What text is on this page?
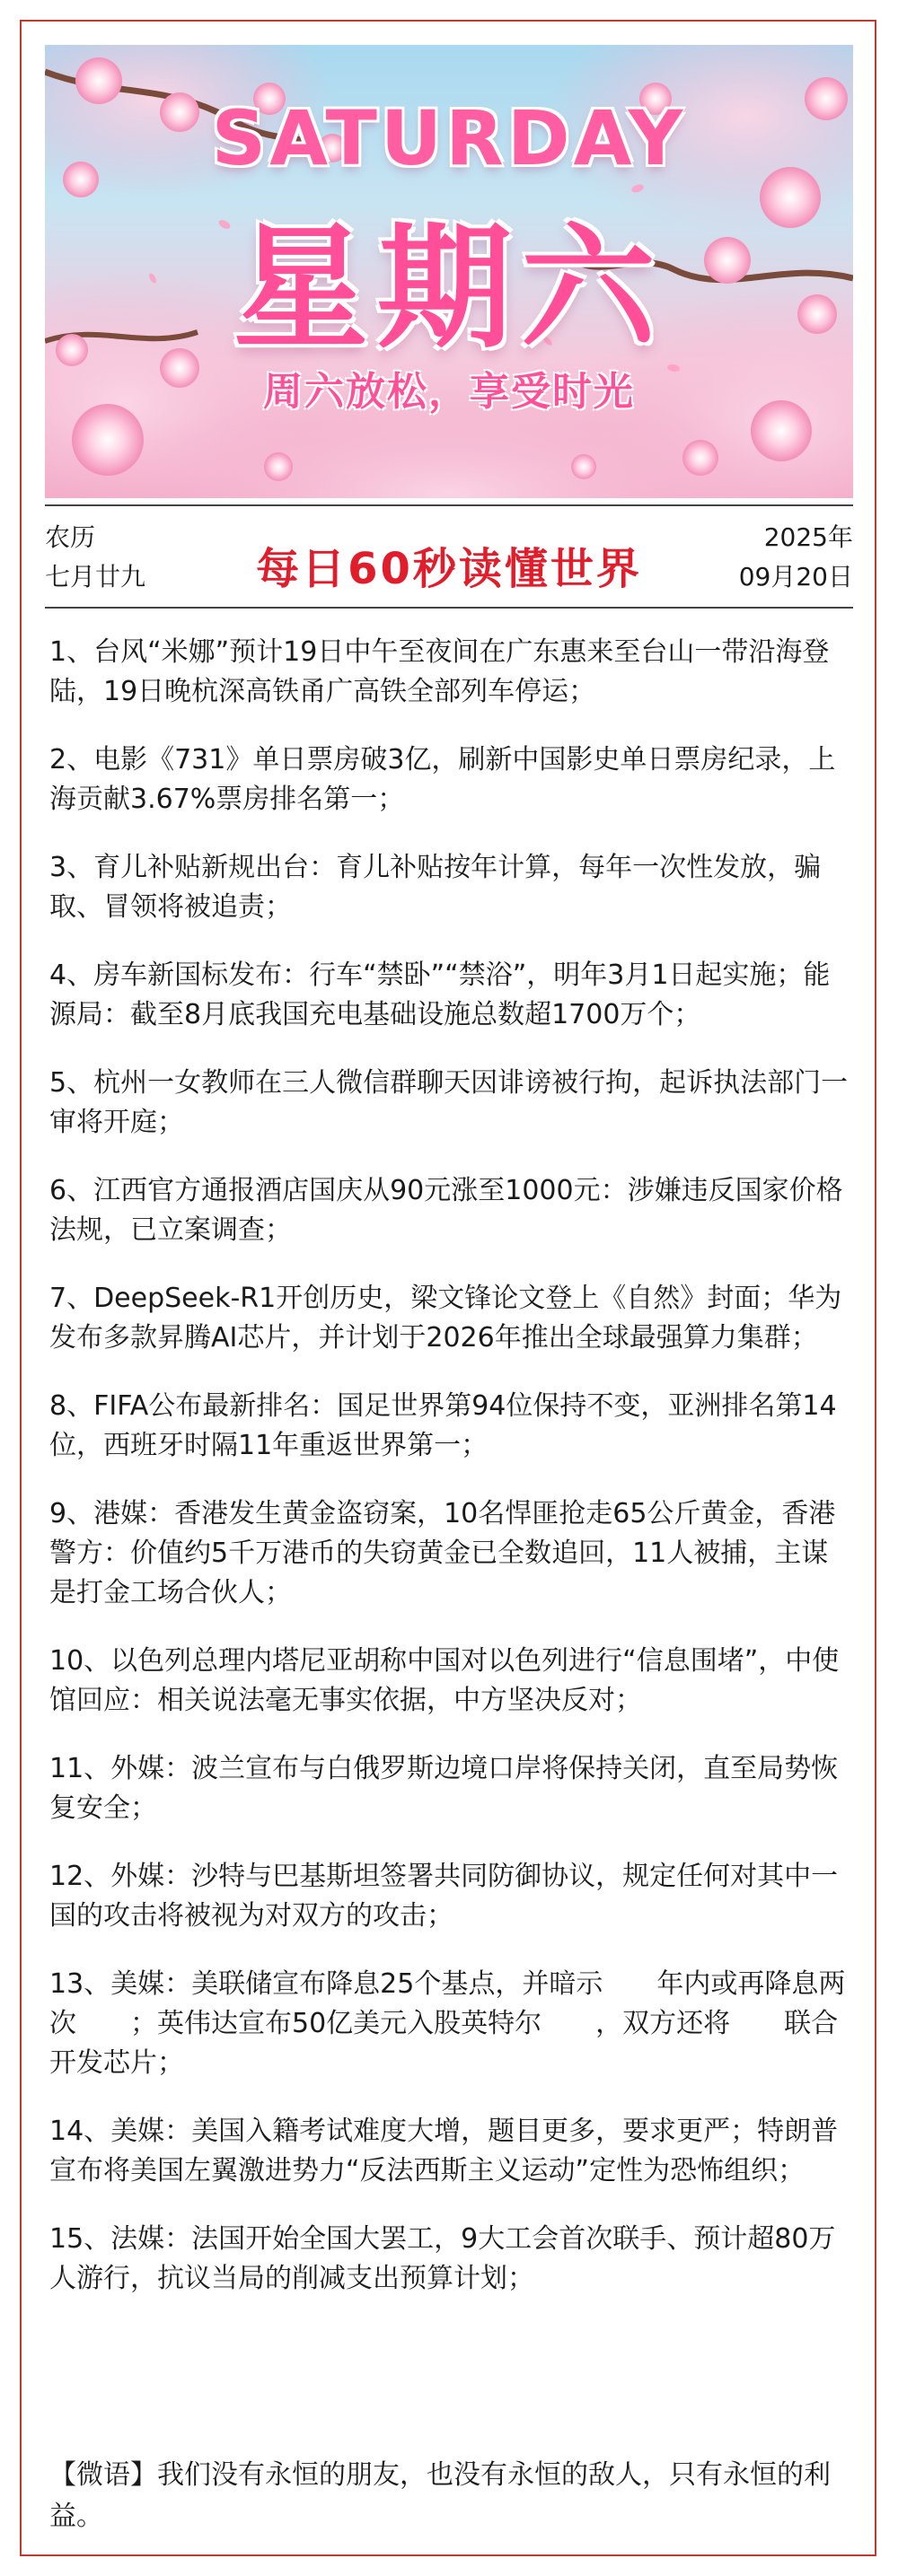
SATURDAY
星期六
周六放松，享受时光
农历
七月廿九	每日60秒读懂世界
2025年
09月20日

1、台风“米娜”预计19日中午至夜间在广东惠来至台山一带沿海登陆，19日晚杭深高铁甬广高铁全部列车停运；

2、电影《731》单日票房破3亿，刷新中国影史单日票房纪录，上海贡献3.67%票房排名第一；

3、育儿补贴新规出台：育儿补贴按年计算，每年一次性发放，骗取、冒领将被追责；

4、房车新国标发布：行车“禁卧”“禁浴”，明年3月1日起实施；能源局：截至8月底我国充电基础设施总数超1700万个；

5、杭州一女教师在三人微信群聊天因诽谤被行拘，起诉执法部门一审将开庭；

6、江西官方通报酒店国庆从90元涨至1000元：涉嫌违反国家价格法规，已立案调查；

7、DeepSeek-R1开创历史，梁文锋论文登上《自然》封面；华为发布多款昇腾AI芯片，并计划于2026年推出全球最强算力集群；

8、FIFA公布最新排名：国足世界第94位保持不变，亚洲排名第14位，西班牙时隔11年重返世界第一；

9、港媒：香港发生黄金盗窃案，10名悍匪抢走65公斤黄金，香港警方：价值约5千万港币的失窃黄金已全数追回，11人被捕，主谋是打金工场合伙人；

10、以色列总理内塔尼亚胡称中国对以色列进行“信息围堵”，中使馆回应：相关说法毫无事实依据，中方坚决反对；

11、外媒：波兰宣布与白俄罗斯边境口岸将保持关闭，直至局势恢复安全；

12、外媒：沙特与巴基斯坦签署共同防御协议，规定任何对其中一国的攻击将被视为对双方的攻击；

13、美媒：美联储宣布降息25个基点，并暗示　　年内或再降息两次　　；英伟达宣布50亿美元入股英特尔　　，双方还将　　联合开发芯片；

14、美媒：美国入籍考试难度大增，题目更多，要求更严；特朗普宣布将美国左翼激进势力“反法西斯主义运动”定性为恐怖组织；

15、法媒：法国开始全国大罢工，9大工会首次联手、预计超80万人游行，抗议当局的削减支出预算计划；

【微语】我们没有永恒的朋友，也没有永恒的敌人，只有永恒的利益。
